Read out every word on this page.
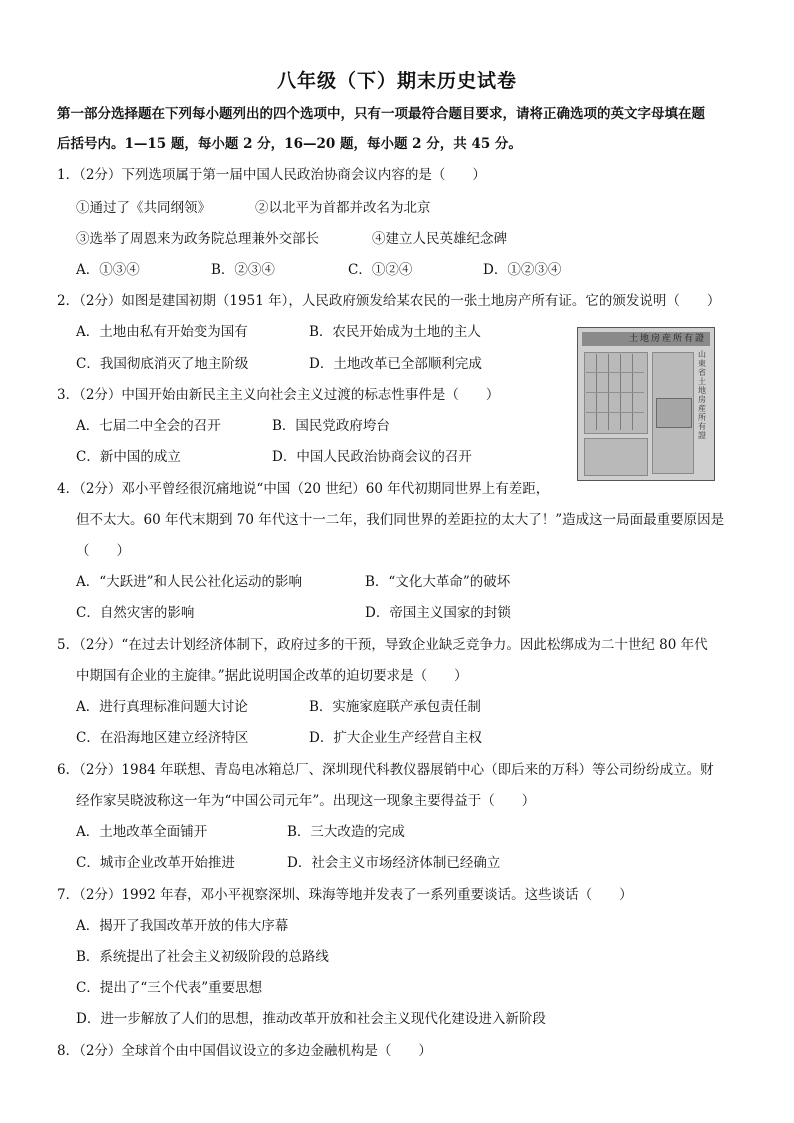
八年级（下）期末历史试卷
第一部分选择题在下列每小题列出的四个选项中，只有一项最符合题目要求，请将正确选项的英文字母填在题
后括号内。1—15 题，每小题 2 分，16—20 题，每小题 2 分，共 45 分。
1．（2分）下列选项属于第一届中国人民政治协商会议内容的是（　　）
①通过了《共同纲领》	②以北平为首都并改名为北京
③选举了周恩来为政务院总理兼外交部长	④建立人民英雄纪念碑
A．①③④	B．②③④	C．①②④	D．①②③④
2．（2分）如图是建国初期（1951 年），人民政府颁发给某农民的一张土地房产所有证。它的颁发说明（　　）
A．土地由私有开始变为国有	B．农民开始成为土地的主人
C．我国彻底消灭了地主阶级	D．土地改革已全部顺利完成
土地房産所有證
山東省土地房産所有證
3．（2分）中国开始由新民主主义向社会主义过渡的标志性事件是（　　）
A．七届二中全会的召开	B．国民党政府垮台
C．新中国的成立	D．中国人民政治协商会议的召开
4．（2分）邓小平曾经很沉痛地说“中国（20 世纪）60 年代初期同世界上有差距，
但不太大。60 年代末期到 70 年代这十一二年，我们同世界的差距拉的太大了！”造成这一局面最重要原因是
（　　）
A．“大跃进”和人民公社化运动的影响	B．“文化大革命”的破坏
C．自然灾害的影响	D．帝国主义国家的封锁
5．（2分）“在过去计划经济体制下，政府过多的干预，导致企业缺乏竞争力。因此松绑成为二十世纪 80 年代
中期国有企业的主旋律。”据此说明国企改革的迫切要求是（　　）
A．进行真理标准问题大讨论	B．实施家庭联产承包责任制
C．在沿海地区建立经济特区	D．扩大企业生产经营自主权
6．（2分）1984 年联想、青岛电冰箱总厂、深圳现代科教仪器展销中心（即后来的万科）等公司纷纷成立。财
经作家吴晓波称这一年为“中国公司元年”。出现这一现象主要得益于（　　）
A．土地改革全面铺开	B．三大改造的完成
C．城市企业改革开始推进	D．社会主义市场经济体制已经确立
7．（2分）1992 年春，邓小平视察深圳、珠海等地并发表了一系列重要谈话。这些谈话（　　）
A．揭开了我国改革开放的伟大序幕
B．系统提出了社会主义初级阶段的总路线
C．提出了“三个代表”重要思想
D．进一步解放了人们的思想，推动改革开放和社会主义现代化建设进入新阶段
8．（2分）全球首个由中国倡议设立的多边金融机构是（　　）
